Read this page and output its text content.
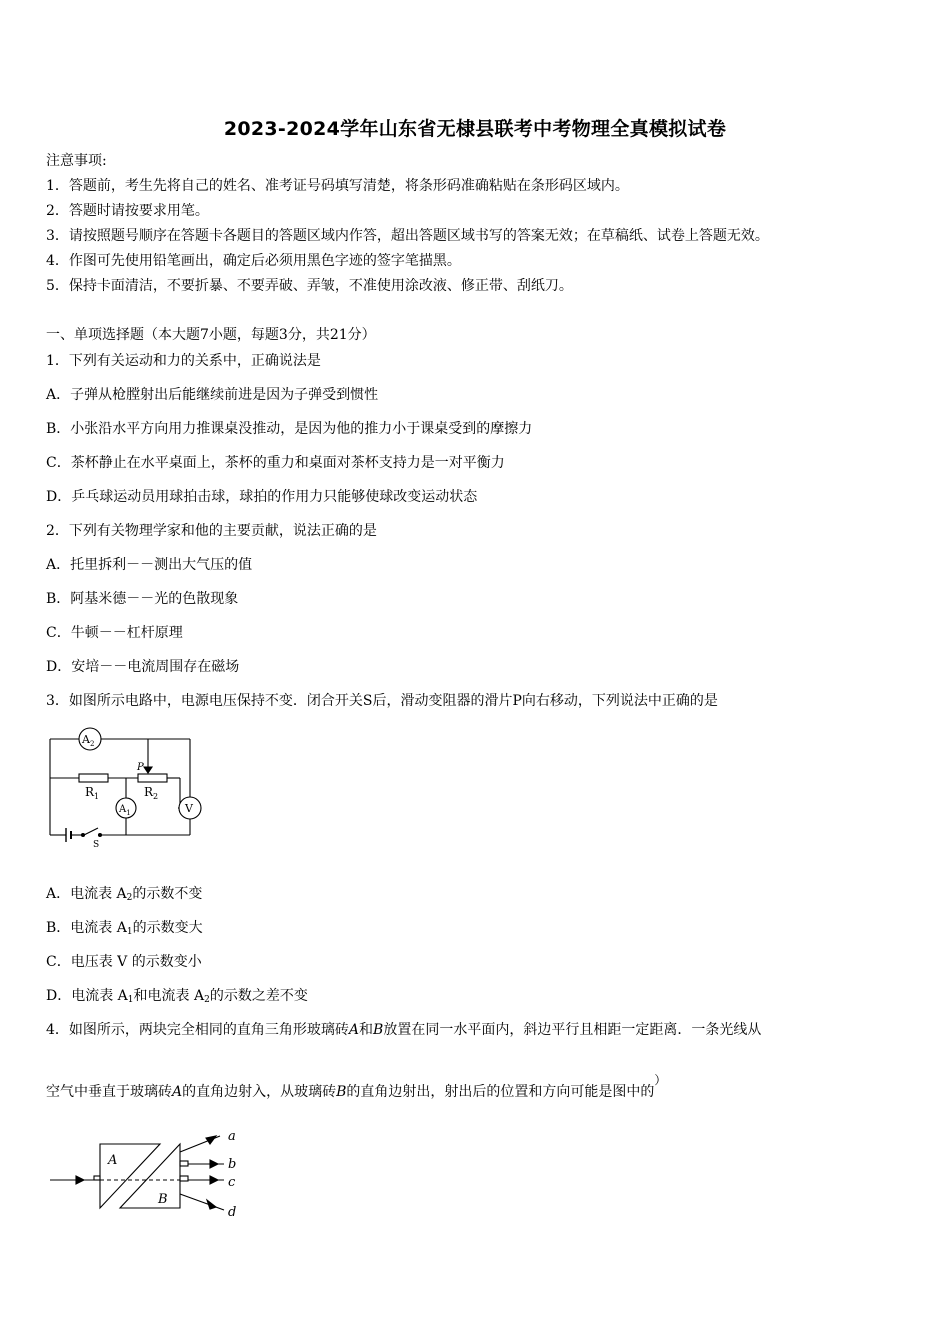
2023-2024学年山东省无棣县联考中考物理全真模拟试卷
注意事项:
1．答题前，考生先将自己的姓名、准考证号码填写清楚，将条形码准确粘贴在条形码区域内。
2．答题时请按要求用笔。
3．请按照题号顺序在答题卡各题目的答题区域内作答，超出答题区域书写的答案无效；在草稿纸、试卷上答题无效。
4．作图可先使用铅笔画出，确定后必须用黑色字迹的签字笔描黑。
5．保持卡面清洁，不要折暴、不要弄破、弄皱，不准使用涂改液、修正带、刮纸刀。
一、单项选择题（本大题7小题，每题3分，共21分）
1．下列有关运动和力的关系中，正确说法是
A．子弹从枪膛射出后能继续前进是因为子弹受到惯性
B．小张沿水平方向用力推课桌没推动，是因为他的推力小于课桌受到的摩擦力
C．茶杯静止在水平桌面上，茶杯的重力和桌面对茶杯支持力是一对平衡力
D．乒乓球运动员用球拍击球，球拍的作用力只能够使球改变运动状态
2．下列有关物理学家和他的主要贡献，说法正确的是
A．托里拆利－－测出大气压的值
B．阿基米德－－光的色散现象
C．牛顿－－杠杆原理
D．安培－－电流周围存在磁场
3．如图所示电路中，电源电压保持不变．闭合开关S后，滑动变阻器的滑片P向右移动，下列说法中正确的是
$A_2$
P
$R_1$	$R_2$
$A_1$	V
S
A．电流表 $A_2$的示数不变
B．电流表 $A_1$的示数变大
C．电压表 V 的示数变小
D．电流表 $A_1$和电流表 $A_2$的示数之差不变
4．如图所示，两块完全相同的直角三角形玻璃砖A和B放置在同一水平面内，斜边平行且相距一定距离．一条光线从
空气中垂直于玻璃砖A的直角边射入，从玻璃砖B的直角边射出，射出后的位置和方向可能是图中的）
A
B
a
b
c
d
